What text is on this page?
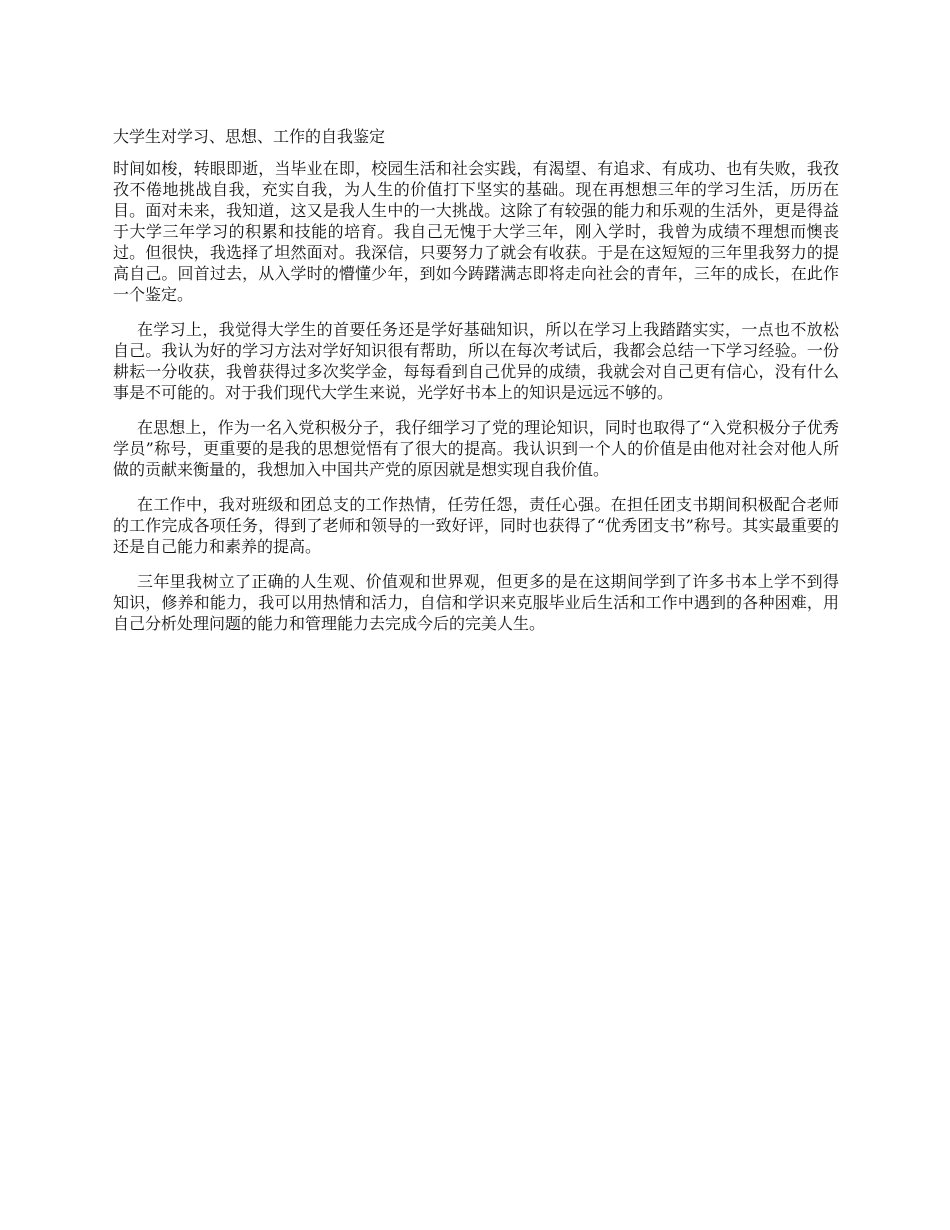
大学生对学习、思想、工作的自我鉴定

时间如梭，转眼即逝，当毕业在即，校园生活和社会实践，有渴望、有追求、有成功、也有失败，我孜孜不倦地挑战自我，充实自我，为人生的价值打下坚实的基础。现在再想想三年的学习生活，历历在目。面对未来，我知道，这又是我人生中的一大挑战。这除了有较强的能力和乐观的生活外，更是得益于大学三年学习的积累和技能的培育。我自己无愧于大学三年，刚入学时，我曾为成绩不理想而懊丧过。但很快，我选择了坦然面对。我深信，只要努力了就会有收获。于是在这短短的三年里我努力的提高自己。回首过去，从入学时的懵懂少年，到如今踌躇满志即将走向社会的青年，三年的成长，在此作一个鉴定。

在学习上，我觉得大学生的首要任务还是学好基础知识，所以在学习上我踏踏实实，一点也不放松自己。我认为好的学习方法对学好知识很有帮助，所以在每次考试后，我都会总结一下学习经验。一份耕耘一分收获，我曾获得过多次奖学金，每每看到自己优异的成绩，我就会对自己更有信心，没有什么事是不可能的。对于我们现代大学生来说，光学好书本上的知识是远远不够的。

在思想上，作为一名入党积极分子，我仔细学习了党的理论知识，同时也取得了“入党积极分子优秀学员”称号，更重要的是我的思想觉悟有了很大的提高。我认识到一个人的价值是由他对社会对他人所做的贡献来衡量的，我想加入中国共产党的原因就是想实现自我价值。

在工作中，我对班级和团总支的工作热情，任劳任怨，责任心强。在担任团支书期间积极配合老师的工作完成各项任务，得到了老师和领导的一致好评，同时也获得了“优秀团支书”称号。其实最重要的还是自己能力和素养的提高。

三年里我树立了正确的人生观、价值观和世界观，但更多的是在这期间学到了许多书本上学不到得知识，修养和能力，我可以用热情和活力，自信和学识来克服毕业后生活和工作中遇到的各种困难，用自己分析处理问题的能力和管理能力去完成今后的完美人生。
